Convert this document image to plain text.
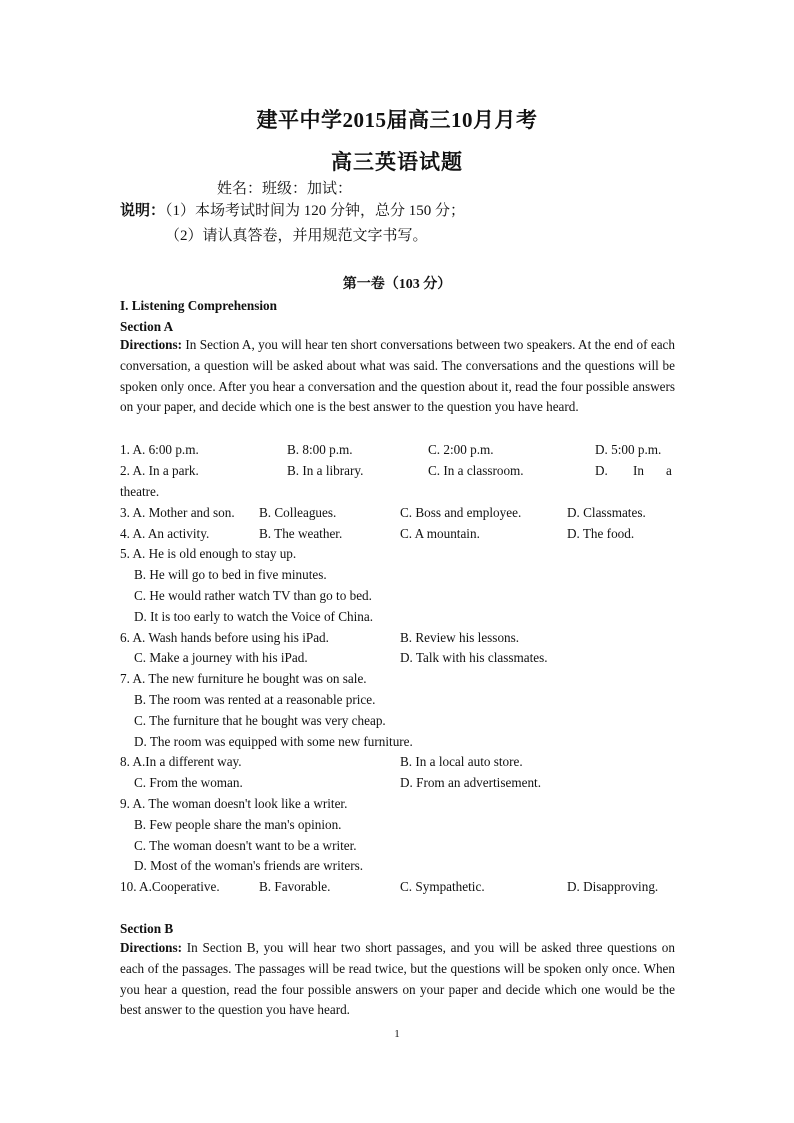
建平中学2015届高三10月月考
高三英语试题
姓名：班级：加试：
说明：（1）本场考试时间为 120 分钟，总分 150 分；
（2）请认真答卷，并用规范文字书写。
第一卷（103 分）
I. Listening Comprehension
Section A
Directions: In Section A, you will hear ten short conversations between two speakers. At the end of each conversation, a question will be asked about what was said. The conversations and the questions will be spoken only once. After you hear a conversation and the question about it, read the four possible answers on your paper, and decide which one is the best answer to the question you have heard.
1. A. 6:00 p.m.	B. 8:00 p.m.	C. 2:00 p.m.	D. 5:00 p.m.
2. A. In a park.	B. In a library.	C. In a classroom.	D. In a
theatre.
3. A. Mother and son. B. Colleagues.	C. Boss and employee.	D. Classmates.
4. A. An activity.	B. The weather.	C. A mountain.	D. The food.
5. A. He is old enough to stay up.
B. He will go to bed in five minutes.
C. He would rather watch TV than go to bed.
D. It is too early to watch the Voice of China.
6. A. Wash hands before using his iPad.	B. Review his lessons.
C. Make a journey with his iPad.	D. Talk with his classmates.
7. A. The new furniture he bought was on sale.
B. The room was rented at a reasonable price.
C. The furniture that he bought was very cheap.
D. The room was equipped with some new furniture.
8. A.In a different way.	B. In a local auto store.
C. From the woman.	D. From an advertisement.
9. A. The woman doesn't look like a writer.
B. Few people share the man's opinion.
C. The woman doesn't want to be a writer.
D. Most of the woman's friends are writers.
10. A.Cooperative.	B. Favorable.	C. Sympathetic.	D. Disapproving.
Section B
Directions: In Section B, you will hear two short passages, and you will be asked three questions on each of the passages. The passages will be read twice, but the questions will be spoken only once. When you hear a question, read the four possible answers on your paper and decide which one would be the best answer to the question you have heard.
1
